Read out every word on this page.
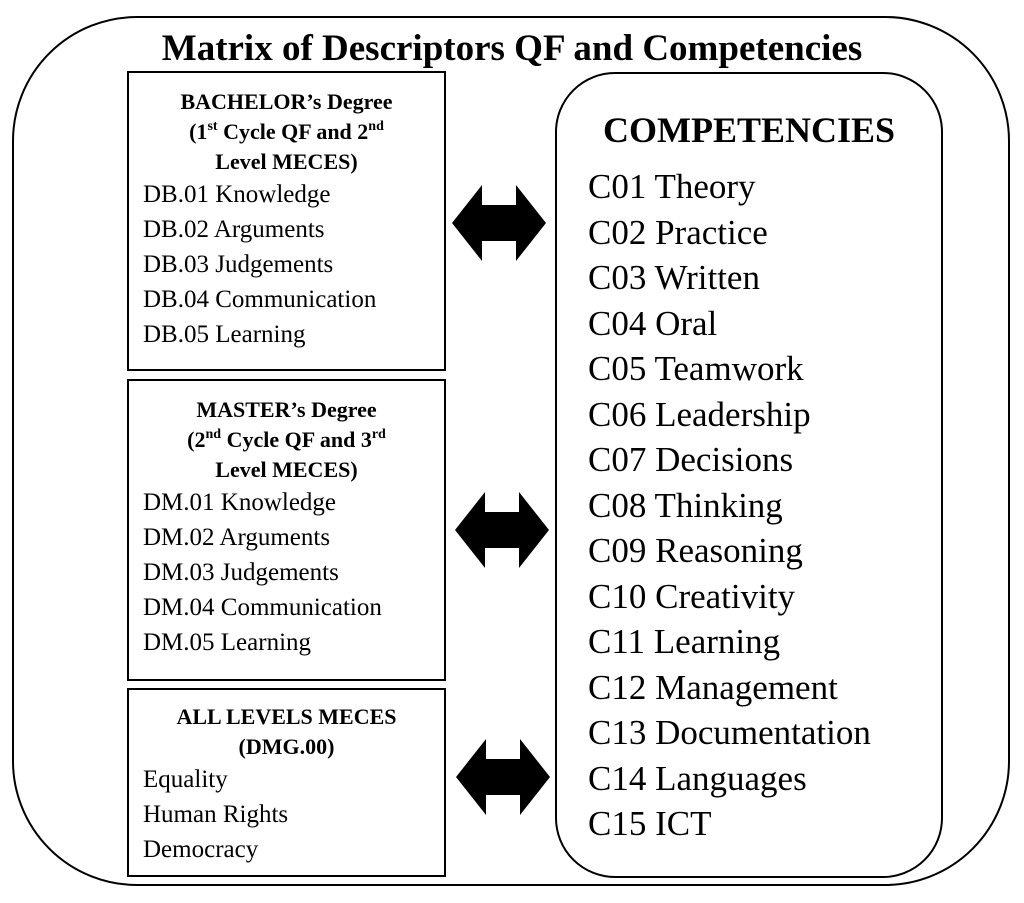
Matrix of Descriptors QF and Competencies
BACHELOR’s Degree
(1st Cycle QF and 2nd
Level MECES)
DB.01 Knowledge
DB.02 Arguments
DB.03 Judgements
DB.04 Communication
DB.05 Learning
MASTER’s Degree
(2nd Cycle QF and 3rd
Level MECES)
DM.01 Knowledge
DM.02 Arguments
DM.03 Judgements
DM.04 Communication
DM.05 Learning
ALL LEVELS MECES
(DMG.00)
Equality
Human Rights
Democracy
COMPETENCIES
C01 Theory
C02 Practice
C03 Written
C04 Oral
C05 Teamwork
C06 Leadership
C07 Decisions
C08 Thinking
C09 Reasoning
C10 Creativity
C11 Learning
C12 Management
C13 Documentation
C14 Languages
C15 ICT
